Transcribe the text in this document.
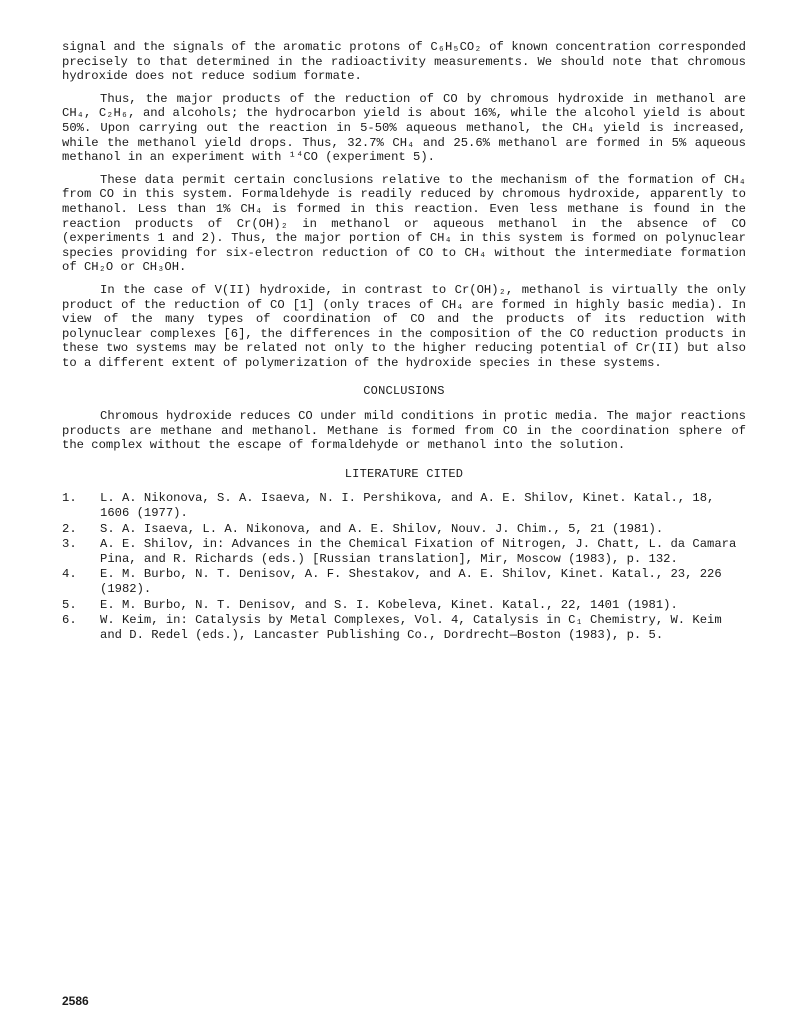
signal and the signals of the aromatic protons of C₆H₅CO₂ of known concentration corresponded precisely to that determined in the radioactivity measurements. We should note that chromous hydroxide does not reduce sodium formate.

Thus, the major products of the reduction of CO by chromous hydroxide in methanol are CH₄, C₂H₆, and alcohols; the hydrocarbon yield is about 16%, while the alcohol yield is about 50%. Upon carrying out the reaction in 5-50% aqueous methanol, the CH₄ yield is increased, while the methanol yield drops. Thus, 32.7% CH₄ and 25.6% methanol are formed in 5% aqueous methanol in an experiment with ¹⁴CO (experiment 5).

These data permit certain conclusions relative to the mechanism of the formation of CH₄ from CO in this system. Formaldehyde is readily reduced by chromous hydroxide, apparently to methanol. Less than 1% CH₄ is formed in this reaction. Even less methane is found in the reaction products of Cr(OH)₂ in methanol or aqueous methanol in the absence of CO (experiments 1 and 2). Thus, the major portion of CH₄ in this system is formed on polynuclear species providing for six-electron reduction of CO to CH₄ without the intermediate formation of CH₂O or CH₃OH.

In the case of V(II) hydroxide, in contrast to Cr(OH)₂, methanol is virtually the only product of the reduction of CO [1] (only traces of CH₄ are formed in highly basic media). In view of the many types of coordination of CO and the products of its reduction with polynuclear complexes [6], the differences in the composition of the CO reduction products in these two systems may be related not only to the higher reducing potential of Cr(II) but also to a different extent of polymerization of the hydroxide species in these systems.

CONCLUSIONS

Chromous hydroxide reduces CO under mild conditions in protic media. The major reactions products are methane and methanol. Methane is formed from CO in the coordination sphere of the complex without the escape of formaldehyde or methanol into the solution.

LITERATURE CITED
1. L. A. Nikonova, S. A. Isaeva, N. I. Pershikova, and A. E. Shilov, Kinet. Katal., 18, 1606 (1977).
2. S. A. Isaeva, L. A. Nikonova, and A. E. Shilov, Nouv. J. Chim., 5, 21 (1981).
3. A. E. Shilov, in: Advances in the Chemical Fixation of Nitrogen, J. Chatt, L. da Camara Pina, and R. Richards (eds.) [Russian translation], Mir, Moscow (1983), p. 132.
4. E. M. Burbo, N. T. Denisov, A. F. Shestakov, and A. E. Shilov, Kinet. Katal., 23, 226 (1982).
5. E. M. Burbo, N. T. Denisov, and S. I. Kobeleva, Kinet. Katal., 22, 1401 (1981).
6. W. Keim, in: Catalysis by Metal Complexes, Vol. 4, Catalysis in C₁ Chemistry, W. Keim and D. Redel (eds.), Lancaster Publishing Co., Dordrecht—Boston (1983), p. 5.
2586
